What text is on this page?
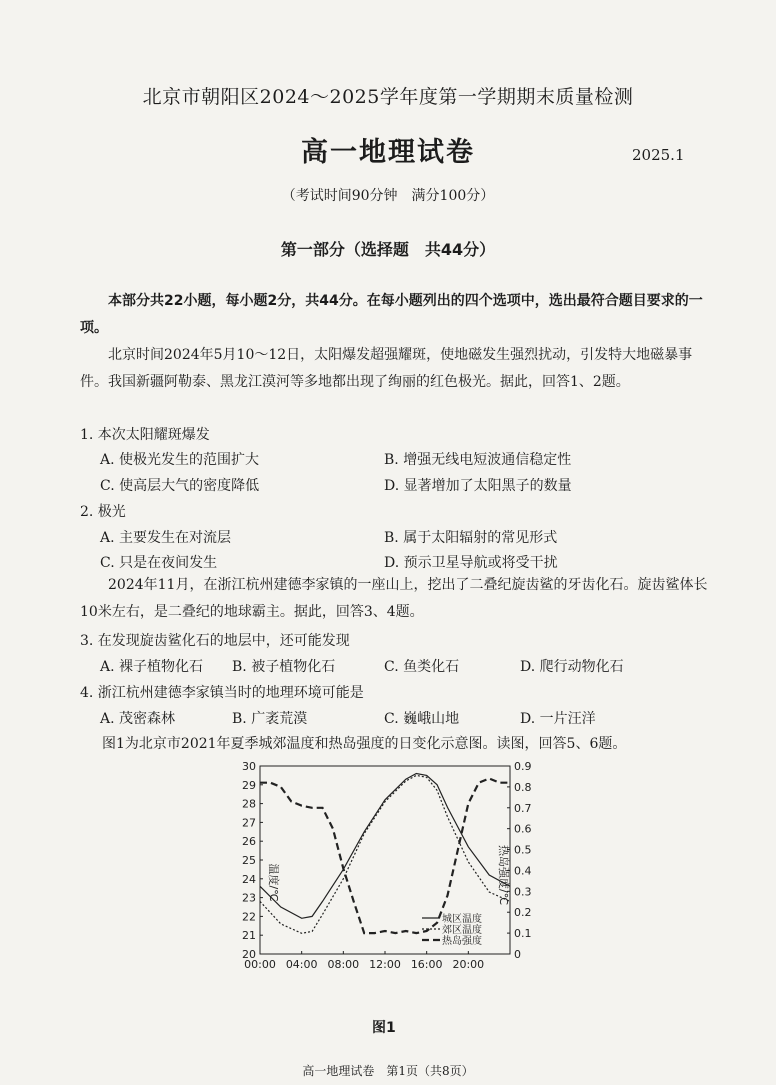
北京市朝阳区2024～2025学年度第一学期期末质量检测
高一地理试卷	2025.1
（考试时间90分钟　满分100分）
第一部分（选择题　共44分）
本部分共22小题，每小题2分，共44分。在每小题列出的四个选项中，选出最符合题目要求的一项。
北京时间2024年5月10～12日，太阳爆发超强耀斑，使地磁发生强烈扰动，引发特大地磁暴事件。我国新疆阿勒泰、黑龙江漠河等多地都出现了绚丽的红色极光。据此，回答1、2题。
1. 本次太阳耀斑爆发
A. 使极光发生的范围扩大	B. 增强无线电短波通信稳定性
C. 使高层大气的密度降低	D. 显著增加了太阳黑子的数量
2. 极光
A. 主要发生在对流层	B. 属于太阳辐射的常见形式
C. 只是在夜间发生	D. 预示卫星导航或将受干扰
2024年11月，在浙江杭州建德李家镇的一座山上，挖出了二叠纪旋齿鲨的牙齿化石。旋齿鲨体长10米左右，是二叠纪的地球霸主。据此，回答3、4题。
3. 在发现旋齿鲨化石的地层中，还可能发现
A. 裸子植物化石 B. 被子植物化石	C. 鱼类化石	D. 爬行动物化石
4. 浙江杭州建德李家镇当时的地理环境可能是
A. 茂密森林	B. 广袤荒漠	C. 巍峨山地	D. 一片汪洋
图1为北京市2021年夏季城郊温度和热岛强度的日变化示意图。读图，回答5、6题。
温度/℃	热岛强度/℃
00:00 04:00 08:00 12:00 16:00 20:00
20
21
22
23
24
25
26
27
28
29
30
0
0.1
0.2
0.3
0.4
0.5
0.6
0.7
0.8
0.9
城区温度
郊区温度
热岛强度
图1
高一地理试卷　第1页（共8页）
